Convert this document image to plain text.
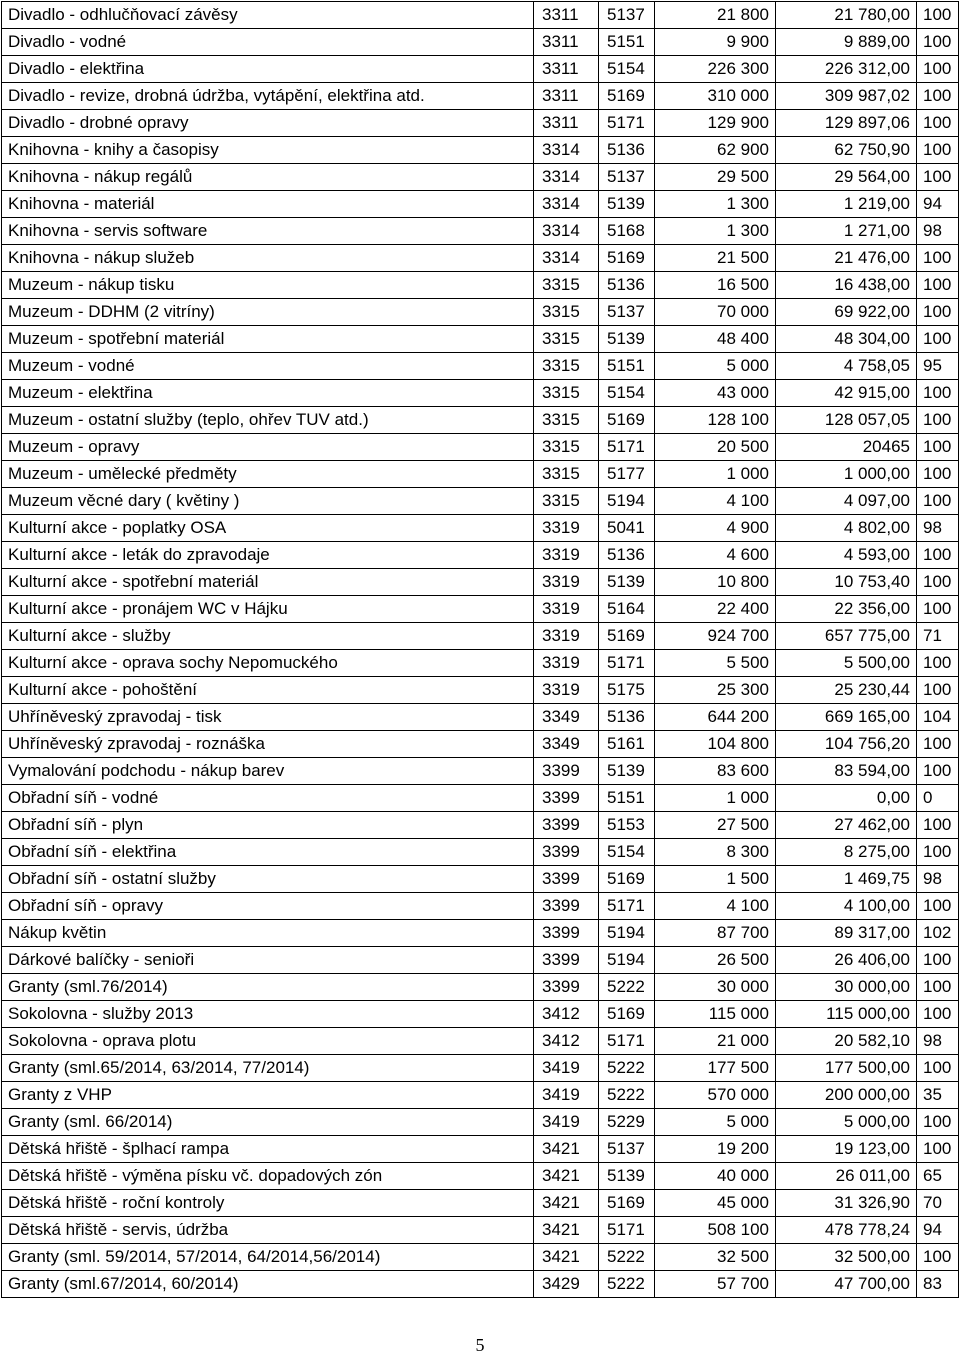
Divadlo - odhlučňovací závěsy	3311	5137	21 800	21 780,00	100
Divadlo - vodné	3311	5151	9 900	9 889,00	100
Divadlo - elektřina	3311	5154	226 300	226 312,00	100
Divadlo - revize, drobná údržba, vytápění, elektřina atd.	3311	5169	310 000	309 987,02	100
Divadlo - drobné opravy	3311	5171	129 900	129 897,06	100
Knihovna - knihy a časopisy	3314	5136	62 900	62 750,90	100
Knihovna - nákup regálů	3314	5137	29 500	29 564,00	100
Knihovna - materiál	3314	5139	1 300	1 219,00	94
Knihovna - servis software	3314	5168	1 300	1 271,00	98
Knihovna - nákup služeb	3314	5169	21 500	21 476,00	100
Muzeum - nákup tisku	3315	5136	16 500	16 438,00	100
Muzeum - DDHM (2 vitríny)	3315	5137	70 000	69 922,00	100
Muzeum - spotřební materiál	3315	5139	48 400	48 304,00	100
Muzeum - vodné	3315	5151	5 000	4 758,05	95
Muzeum - elektřina	3315	5154	43 000	42 915,00	100
Muzeum - ostatní služby (teplo, ohřev TUV atd.)	3315	5169	128 100	128 057,05	100
Muzeum - opravy	3315	5171	20 500	20465	100
Muzeum - umělecké předměty	3315	5177	1 000	1 000,00	100
Muzeum věcné dary ( květiny )	3315	5194	4 100	4 097,00	100
Kulturní akce - poplatky OSA	3319	5041	4 900	4 802,00	98
Kulturní akce - leták do zpravodaje	3319	5136	4 600	4 593,00	100
Kulturní akce - spotřební materiál	3319	5139	10 800	10 753,40	100
Kulturní akce - pronájem WC v Hájku	3319	5164	22 400	22 356,00	100
Kulturní akce - služby	3319	5169	924 700	657 775,00	71
Kulturní akce - oprava sochy Nepomuckého	3319	5171	5 500	5 500,00	100
Kulturní akce - pohoštění	3319	5175	25 300	25 230,44	100
Uhříněveský zpravodaj - tisk	3349	5136	644 200	669 165,00	104
Uhříněveský zpravodaj - roznáška	3349	5161	104 800	104 756,20	100
Vymalování podchodu - nákup barev	3399	5139	83 600	83 594,00	100
Obřadní síň - vodné	3399	5151	1 000	0,00	0
Obřadní síň - plyn	3399	5153	27 500	27 462,00	100
Obřadní síň - elektřina	3399	5154	8 300	8 275,00	100
Obřadní síň - ostatní služby	3399	5169	1 500	1 469,75	98
Obřadní síň - opravy	3399	5171	4 100	4 100,00	100
Nákup květin	3399	5194	87 700	89 317,00	102
Dárkové balíčky - senioři	3399	5194	26 500	26 406,00	100
Granty (sml.76/2014)	3399	5222	30 000	30 000,00	100
Sokolovna - služby 2013	3412	5169	115 000	115 000,00	100
Sokolovna - oprava plotu	3412	5171	21 000	20 582,10	98
Granty (sml.65/2014, 63/2014, 77/2014)	3419	5222	177 500	177 500,00	100
Granty z VHP	3419	5222	570 000	200 000,00	35
Granty (sml. 66/2014)	3419	5229	5 000	5 000,00	100
Dětská hřiště - šplhací rampa	3421	5137	19 200	19 123,00	100
Dětská hřiště - výměna písku vč. dopadových zón	3421	5139	40 000	26 011,00	65
Dětská hřiště - roční kontroly	3421	5169	45 000	31 326,90	70
Dětská hřiště - servis, údržba	3421	5171	508 100	478 778,24	94
Granty (sml. 59/2014, 57/2014, 64/2014,56/2014)	3421	5222	32 500	32 500,00	100
Granty (sml.67/2014, 60/2014)	3429	5222	57 700	47 700,00	83
5
